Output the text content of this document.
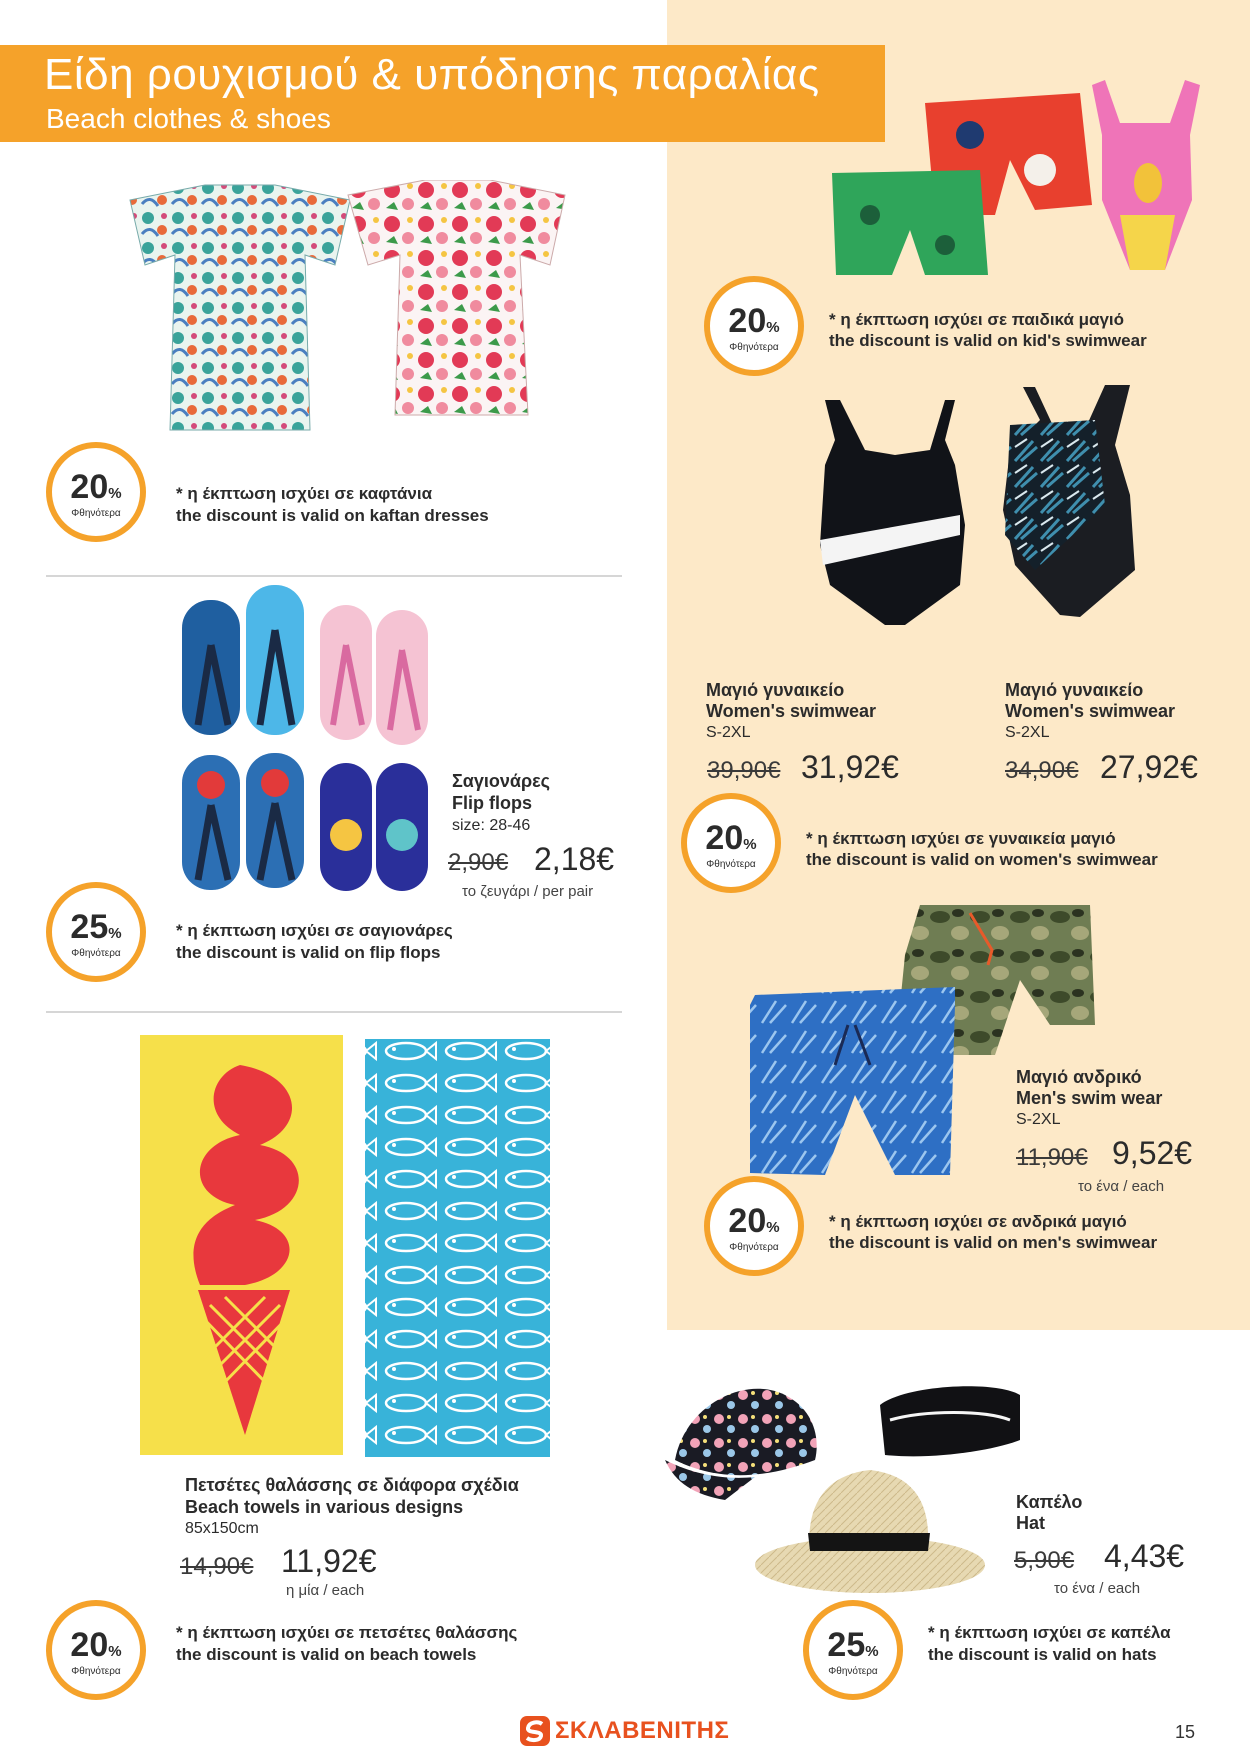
Είδη ρουχισμού & υπόδησης παραλίας
Beach clothes & shoes
20%
Φθηνότερα
* η έκπτωση ισχύει σε καφτάνια
the discount is valid on kaftan dresses
Σαγιονάρες
Flip flops
size: 28-46
2,90€ 2,18€
το ζευγάρι / per pair
25%
Φθηνότερα
* η έκπτωση ισχύει σε σαγιονάρες
the discount is valid on flip flops
Πετσέτες θαλάσσης σε διάφορα σχέδια
Beach towels in various designs
85x150cm
14,90€ 11,92€
η μία / each
20%
Φθηνότερα
* η έκπτωση ισχύει σε πετσέτες θαλάσσης
the discount is valid on beach towels
20%
Φθηνότερα
* η έκπτωση ισχύει σε παιδικά μαγιό
the discount is valid on kid's swimwear
Μαγιό γυναικείο
Women's swimwear
S-2XL
39,90€ 31,92€
Μαγιό γυναικείο
Women's swimwear
S-2XL
34,90€ 27,92€
20%
Φθηνότερα
* η έκπτωση ισχύει σε γυναικεία μαγιό
the discount is valid on women's swimwear
Μαγιό ανδρικό
Men's swim wear
S-2XL
11,90€ 9,52€
το ένα / each
20%
Φθηνότερα
* η έκπτωση ισχύει σε ανδρικά μαγιό
the discount is valid on men's swimwear
Καπέλο
Hat
5,90€ 4,43€
το ένα / each
25%
Φθηνότερα
* η έκπτωση ισχύει σε καπέλα
the discount is valid on hats
ΣΚΛΑΒΕΝΙΤΗΣ	15
